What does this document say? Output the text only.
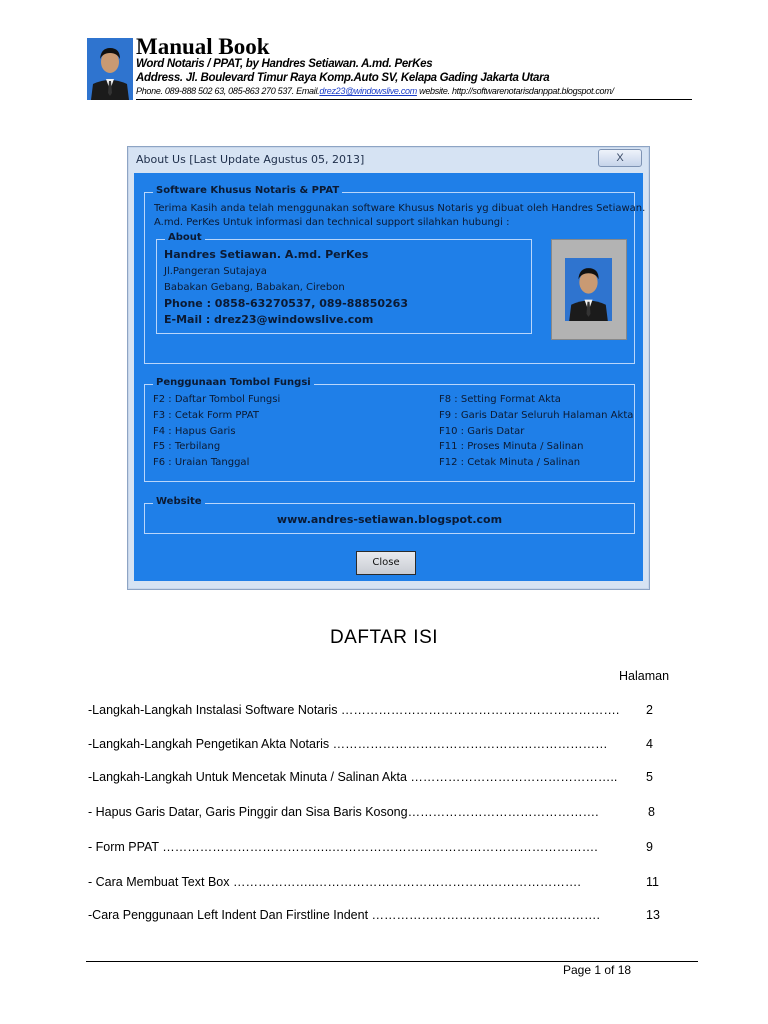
Manual Book
Word Notaris / PPAT, by Handres Setiawan. A.md. PerKes
Address. Jl. Boulevard Timur Raya Komp.Auto SV, Kelapa Gading Jakarta Utara
Phone. 089-888 502 63, 085-863 270 537. Email.drez23@windowslive.com website. http://softwarenotarisdanppat.blogspot.com/
About Us [Last Update Agustus 05, 2013]	X
Software Khusus Notaris & PPAT
Terima Kasih anda telah menggunakan software Khusus Notaris yg dibuat oleh Handres Setiawan.
A.md. PerKes Untuk informasi dan technical support silahkan hubungi :
About
Handres Setiawan. A.md. PerKes
Jl.Pangeran Sutajaya
Babakan Gebang, Babakan, Cirebon
Phone : 0858-63270537, 089-88850263
E-Mail : drez23@windowslive.com
Penggunaan Tombol Fungsi
F2 : Daftar Tombol Fungsi
F3 : Cetak Form PPAT
F4 : Hapus Garis
F5 : Terbilang
F6 : Uraian Tanggal
F8 : Setting Format Akta
F9 : Garis Datar Seluruh Halaman Akta
F10 : Garis Datar
F11 : Proses Minuta / Salinan
F12 : Cetak Minuta / Salinan
Website
www.andres-setiawan.blogspot.com
Close
DAFTAR ISI
Halaman
-Langkah-Langkah Instalasi Software Notaris …………………………………………………………. 2
-Langkah-Langkah Pengetikan Akta Notaris …………………………………………………………	4
-Langkah-Langkah Untuk Mencetak Minuta / Salinan Akta ………………………………………….. 5
- Hapus Garis Datar, Garis Pinggir dan Sisa Baris Kosong……………………………………….	8
- Form PPAT …………………………………..……………………………………………………….	9
- Cara Membuat Text Box ………………..……………………………………………………….	11
-Cara Penggunaan Left Indent Dan Firstline Indent ……………………………………………….	13
Page 1 of 18
